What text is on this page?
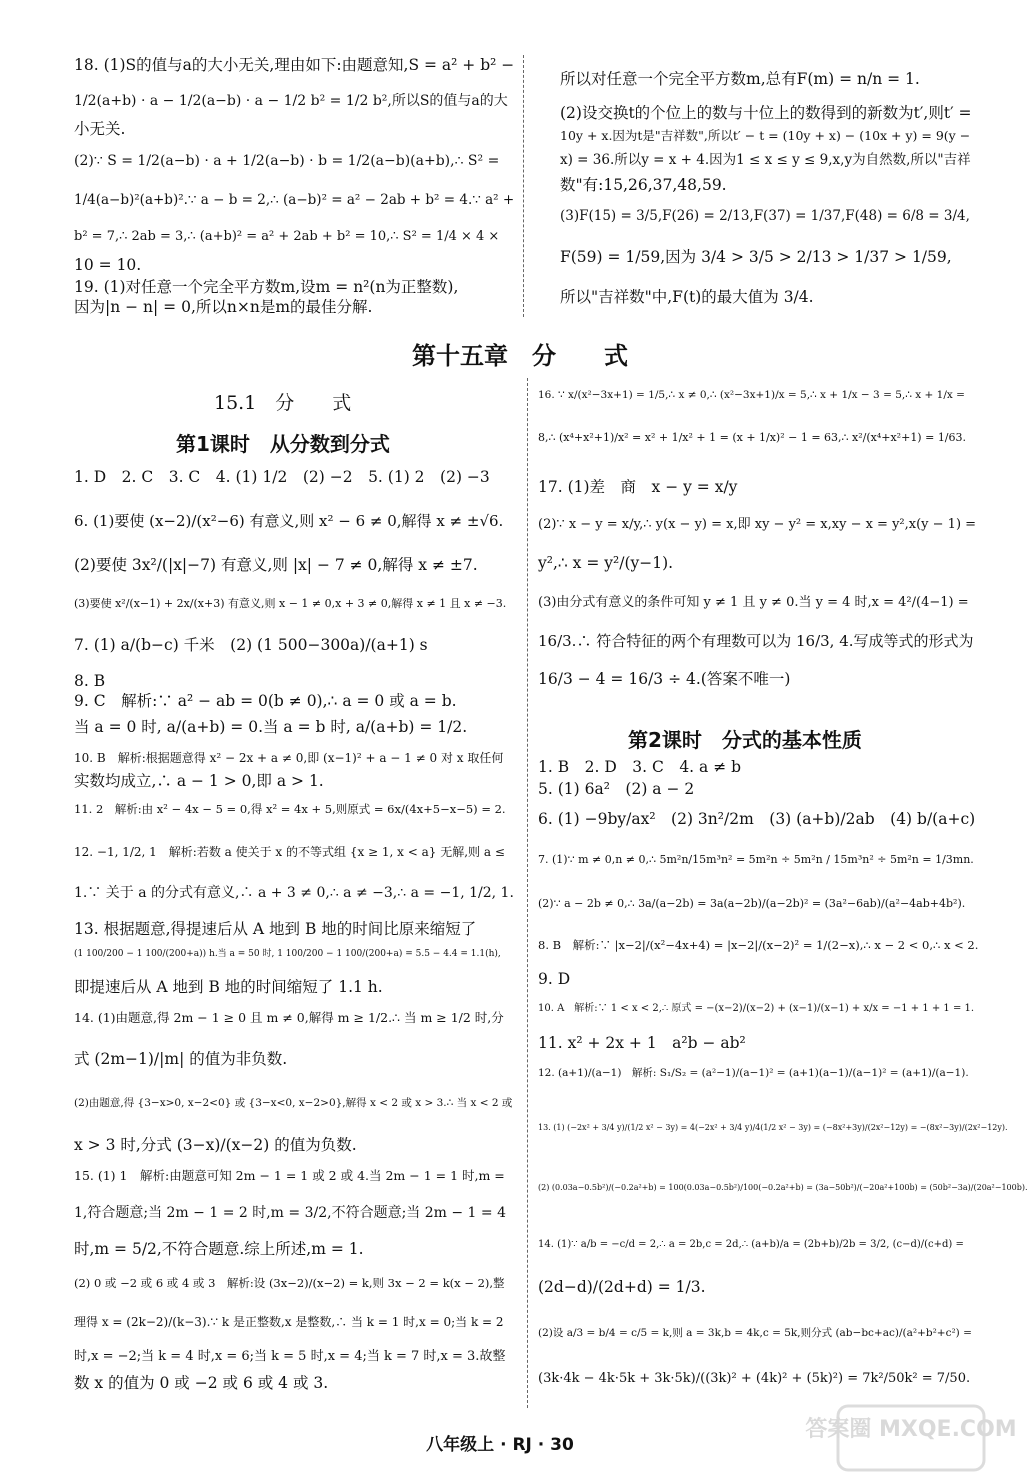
18. (1)S的值与a的大小无关,理由如下:由题意知,S = a² + b² −
1/2(a+b) · a − 1/2(a−b) · a − 1/2 b² = 1/2 b²,所以S的值与a的大
小无关.
(2)∵ S = 1/2(a−b) · a + 1/2(a−b) · b = 1/2(a−b)(a+b),∴ S² =
1/4(a−b)²(a+b)².∵ a − b = 2,∴ (a−b)² = a² − 2ab + b² = 4.∵ a² +
b² = 7,∴ 2ab = 3,∴ (a+b)² = a² + 2ab + b² = 10,∴ S² = 1/4 × 4 ×
10 = 10.
19. (1)对任意一个完全平方数m,设m = n²(n为正整数),
因为|n − n| = 0,所以n×n是m的最佳分解.
所以对任意一个完全平方数m,总有F(m) = n/n = 1.
(2)设交换t的个位上的数与十位上的数得到的新数为t′,则t′ =
10y + x.因为t是"吉祥数",所以t′ − t = (10y + x) − (10x + y) = 9(y −
x) = 36.所以y = x + 4.因为1 ≤ x ≤ y ≤ 9,x,y为自然数,所以"吉祥
数"有:15,26,37,48,59.
(3)F(15) = 3/5,F(26) = 2/13,F(37) = 1/37,F(48) = 6/8 = 3/4,
F(59) = 1/59,因为 3/4 > 3/5 > 2/13 > 1/37 > 1/59,
所以"吉祥数"中,F(t)的最大值为 3/4.
第十五章　分　　式
15.1　分　　式
第1课时　从分数到分式
1. D　2. C　3. C　4. (1) 1/2　(2) −2　5. (1) 2　(2) −3
6. (1)要使 (x−2)/(x²−6) 有意义,则 x² − 6 ≠ 0,解得 x ≠ ±√6.
(2)要使 3x²/(|x|−7) 有意义,则 |x| − 7 ≠ 0,解得 x ≠ ±7.
(3)要使 x²/(x−1) + 2x/(x+3) 有意义,则 x − 1 ≠ 0,x + 3 ≠ 0,解得 x ≠ 1 且 x ≠ −3.
7. (1) a/(b−c) 千米　(2) (1 500−300a)/(a+1) s
8. B
9. C　解析:∵ a² − ab = 0(b ≠ 0),∴ a = 0 或 a = b.
当 a = 0 时, a/(a+b) = 0.当 a = b 时, a/(a+b) = 1/2.
10. B　解析:根据题意得 x² − 2x + a ≠ 0,即 (x−1)² + a − 1 ≠ 0 对 x 取任何
实数均成立,∴ a − 1 > 0,即 a > 1.
11. 2　解析:由 x² − 4x − 5 = 0,得 x² = 4x + 5,则原式 = 6x/(4x+5−x−5) = 2.
12. −1, 1/2, 1　解析:若数 a 使关于 x 的不等式组 {x ≥ 1, x < a} 无解,则 a ≤
1.∵ 关于 a 的分式有意义,∴ a + 3 ≠ 0,∴ a ≠ −3,∴ a = −1, 1/2, 1.
13. 根据题意,得提速后从 A 地到 B 地的时间比原来缩短了
(1 100/200 − 1 100/(200+a)) h.当 a = 50 时, 1 100/200 − 1 100/(200+a) = 5.5 − 4.4 = 1.1(h),
即提速后从 A 地到 B 地的时间缩短了 1.1 h.
14. (1)由题意,得 2m − 1 ≥ 0 且 m ≠ 0,解得 m ≥ 1/2.∴ 当 m ≥ 1/2 时,分
式 (2m−1)/|m| 的值为非负数.
(2)由题意,得 {3−x>0, x−2<0} 或 {3−x<0, x−2>0},解得 x < 2 或 x > 3.∴ 当 x < 2 或
x > 3 时,分式 (3−x)/(x−2) 的值为负数.
15. (1) 1　解析:由题意可知 2m − 1 = 1 或 2 或 4.当 2m − 1 = 1 时,m =
1,符合题意;当 2m − 1 = 2 时,m = 3/2,不符合题意;当 2m − 1 = 4
时,m = 5/2,不符合题意.综上所述,m = 1.
(2) 0 或 −2 或 6 或 4 或 3　解析:设 (3x−2)/(x−2) = k,则 3x − 2 = k(x − 2),整
理得 x = (2k−2)/(k−3).∵ k 是正整数,x 是整数,∴ 当 k = 1 时,x = 0;当 k = 2
时,x = −2;当 k = 4 时,x = 6;当 k = 5 时,x = 4;当 k = 7 时,x = 3.故整
数 x 的值为 0 或 −2 或 6 或 4 或 3.
16. ∵ x/(x²−3x+1) = 1/5,∴ x ≠ 0,∴ (x²−3x+1)/x = 5,∴ x + 1/x − 3 = 5,∴ x + 1/x =
8,∴ (x⁴+x²+1)/x² = x² + 1/x² + 1 = (x + 1/x)² − 1 = 63,∴ x²/(x⁴+x²+1) = 1/63.
17. (1)差　商　x − y = x/y
(2)∵ x − y = x/y,∴ y(x − y) = x,即 xy − y² = x,xy − x = y²,x(y − 1) =
y²,∴ x = y²/(y−1).
(3)由分式有意义的条件可知 y ≠ 1 且 y ≠ 0.当 y = 4 时,x = 4²/(4−1) =
16/3.∴ 符合特征的两个有理数可以为 16/3, 4.写成等式的形式为
16/3 − 4 = 16/3 ÷ 4.(答案不唯一)
第2课时　分式的基本性质
1. B　2. D　3. C　4. a ≠ b
5. (1) 6a²　(2) a − 2
6. (1) −9by/ax²　(2) 3n²/2m　(3) (a+b)/2ab　(4) b/(a+c)
7. (1)∵ m ≠ 0,n ≠ 0,∴ 5m²n/15m³n² = 5m²n ÷ 5m²n / 15m³n² ÷ 5m²n = 1/3mn.
(2)∵ a − 2b ≠ 0,∴ 3a/(a−2b) = 3a(a−2b)/(a−2b)² = (3a²−6ab)/(a²−4ab+4b²).
8. B　解析:∵ |x−2|/(x²−4x+4) = |x−2|/(x−2)² = 1/(2−x),∴ x − 2 < 0,∴ x < 2.
9. D
10. A　解析:∵ 1 < x < 2,∴ 原式 = −(x−2)/(x−2) + (x−1)/(x−1) + x/x = −1 + 1 + 1 = 1.
11. x² + 2x + 1　a²b − ab²
12. (a+1)/(a−1)　解析: S₁/S₂ = (a²−1)/(a−1)² = (a+1)(a−1)/(a−1)² = (a+1)/(a−1).
13. (1) (−2x² + 3/4 y)/(1/2 x² − 3y) = 4(−2x² + 3/4 y)/4(1/2 x² − 3y) = (−8x²+3y)/(2x²−12y) = −(8x²−3y)/(2x²−12y).
(2) (0.03a−0.5b²)/(−0.2a²+b) = 100(0.03a−0.5b²)/100(−0.2a²+b) = (3a−50b²)/(−20a²+100b) = (50b²−3a)/(20a²−100b).
14. (1)∵ a/b = −c/d = 2,∴ a = 2b,c = 2d,∴ (a+b)/a = (2b+b)/2b = 3/2, (c−d)/(c+d) =
(2d−d)/(2d+d) = 1/3.
(2)设 a/3 = b/4 = c/5 = k,则 a = 3k,b = 4k,c = 5k,则分式 (ab−bc+ac)/(a²+b²+c²) =
(3k·4k − 4k·5k + 3k·5k)/((3k)² + (4k)² + (5k)²) = 7k²/50k² = 7/50.
八年级上 · RJ · 30
答案圈 MXQE.COM
